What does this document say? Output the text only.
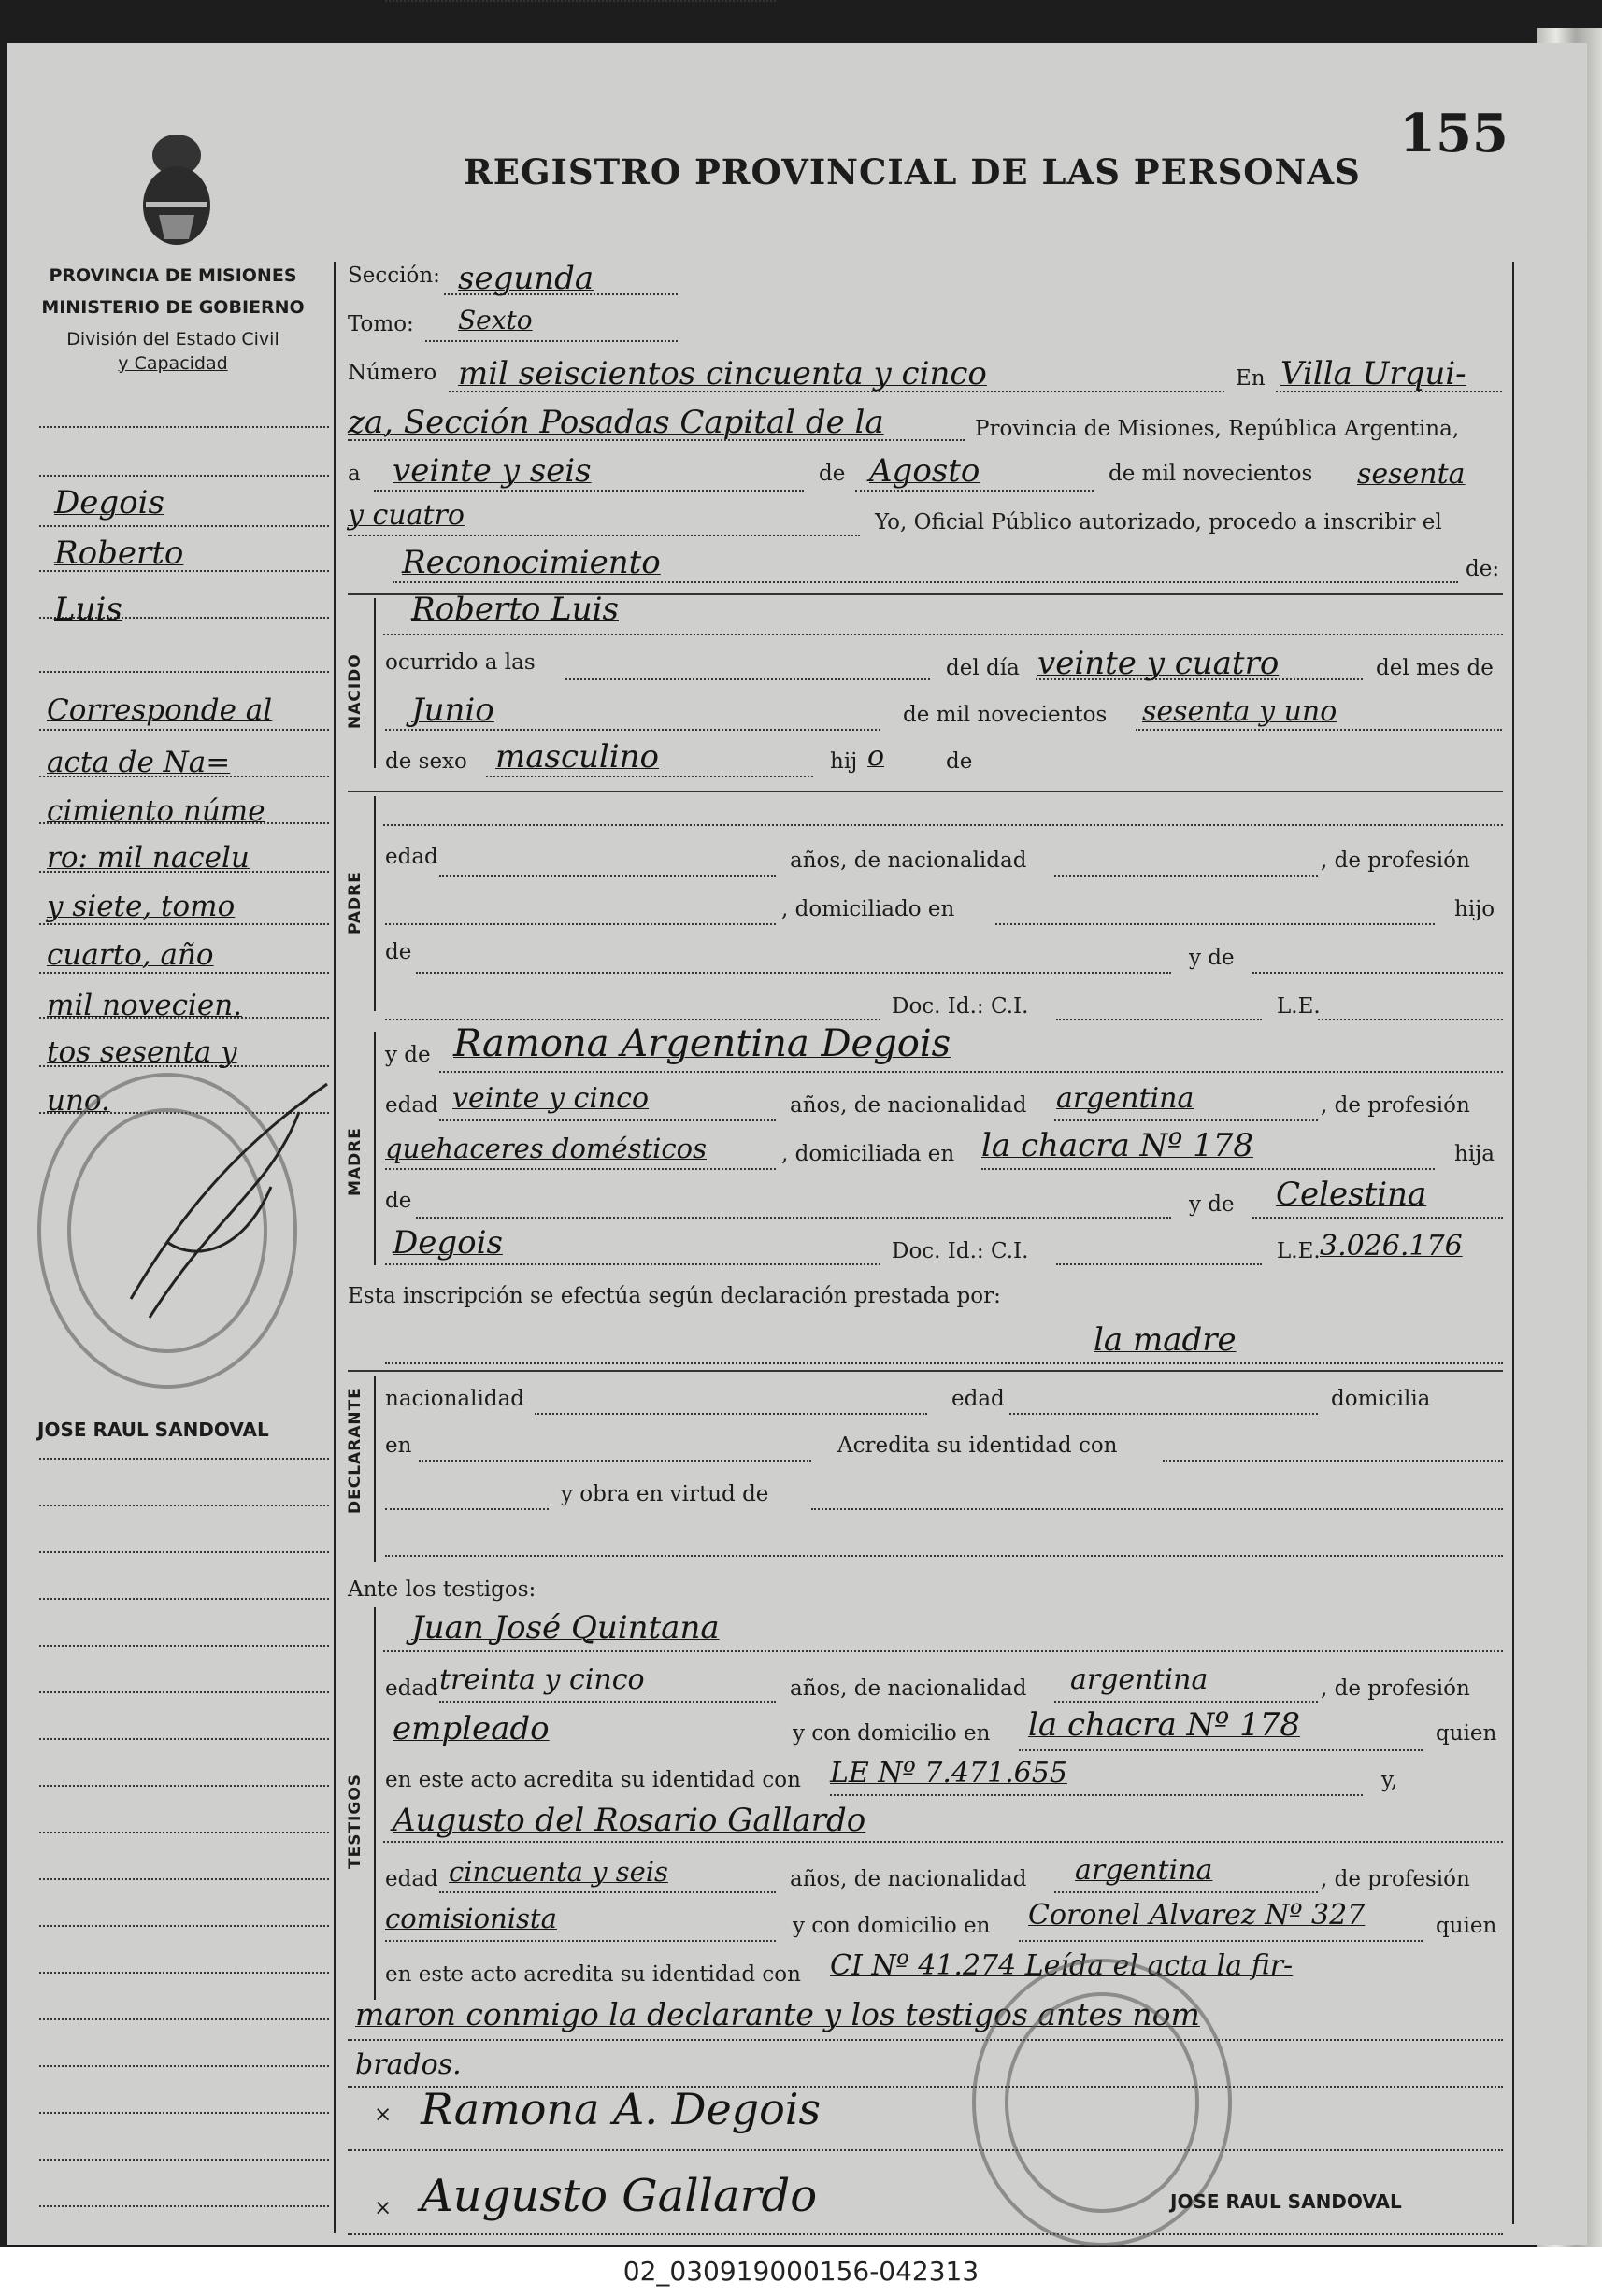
REGISTRO PROVINCIAL DE LAS PERSONAS
155
PROVINCIA DE MISIONES
MINISTERIO DE GOBIERNO
División del Estado Civil
y Capacidad
Degois
Roberto
Luis
Corresponde al
acta de Na=
cimiento núme
ro: mil nacelu
y siete, tomo
cuarto, año
mil novecien.
tos sesenta y
uno.
JOSE RAUL SANDOVAL
Sección: segunda
Tomo: Sexto
Número mil seiscientos cincuenta y cinco	En Villa Urqui-
za, Sección Posadas Capital de la	Provincia de Misiones, República Argentina,
a veinte y seis	de Agosto	de mil novecientos sesenta
y cuatro	Yo, Oficial Público autorizado, procedo a inscribir el
Reconocimiento	de:
NACIDO
Roberto Luis
ocurrido a las	del día veinte y cuatro	del mes de
Junio	de mil novecientos sesenta y uno
de sexo masculino	hij o	de
PADRE
edad	años, de nacionalidad	, de profesión
, domiciliado en	hijo
de	y de
Doc. Id.: C.I.	L.E.
MADRE
y de Ramona Argentina Degois
edad veinte y cinco	años, de nacionalidad argentina	, de profesión
quehaceres domésticos	, domiciliada en la chacra Nº 178	hija
de	y de Celestina
Degois	Doc. Id.: C.I.	L.E. 3.026.176
Esta inscripción se efectúa según declaración prestada por:
la madre
DECLARANTE nacionalidad	edad	domicilia
en	Acredita su identidad con
y obra en virtud de
Ante los testigos:
TESTIGOS
Juan José Quintana
edad treinta y cinco	años, de nacionalidad argentina	, de profesión
empleado	y con domicilio en la chacra Nº 178	quien
en este acto acredita su identidad con LE Nº 7.471.655	y,
Augusto del Rosario Gallardo
edad cincuenta y seis	años, de nacionalidad argentina	, de profesión
comisionista	y con domicilio en Coronel Alvarez Nº 327	quien
en este acto acredita su identidad con CI Nº 41.274 Leída el acta la fir-
maron conmigo la declarante y los testigos antes nom
brados.
× Ramona A. Degois
× Augusto Gallardo	JOSE RAUL SANDOVAL
02_030919000156-042313
